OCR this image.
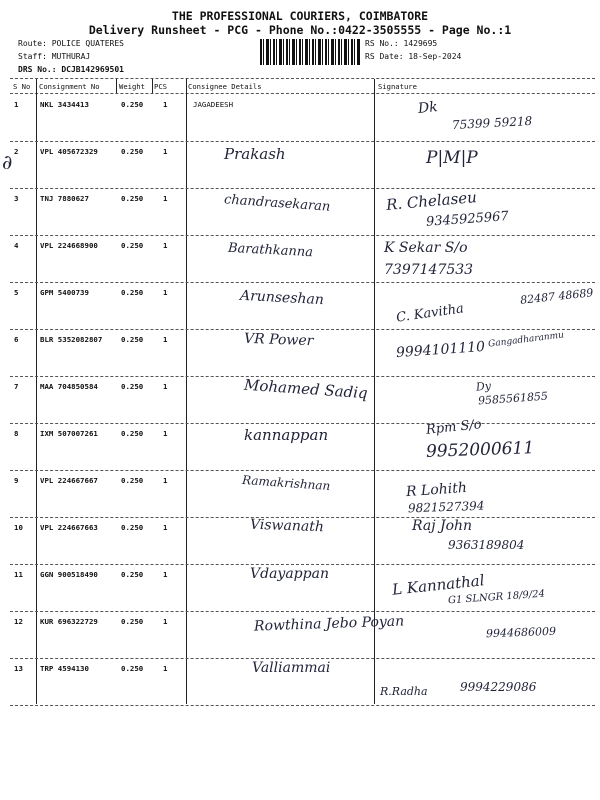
THE PROFESSIONAL COURIERS, COIMBATORE
Delivery Runsheet - PCG - Phone No.:0422-3505555 - Page No.:1
Route: POLICE QUATERES
Staff: MUTHURAJ
DRS No.: DCJB142969501
RS No.: 1429695
RS Date: 18-Sep-2024
S No Consignment No	Weight PCS	Consignee Details	Signature
∂
1	NKL 3434413	0.250	1	JAGADEESH	Dk
75399 59218
2	VPL 405672329	0.250	1	Prakash	P|M|P
3	TNJ 7880627	0.250	1	chandrasekaran	R. Chelaseu
9345925967
4	VPL 224668900	0.250	1	Barathkanna	K Sekar S/o
7397147533
5	GPM 5400739	0.250	1	Arunseshan
C. Kavitha
82487 48689
6	BLR 5352082807	0.250	1	VR Power	9994101110 Gangadharanmu
7	MAA 704850584	0.250	1	Mohamed Sadiq	Dy
9585561855
8	IXM 507007261	0.250	1	kannappan	Rpm S/o
9952000611
9	VPL 224667667	0.250	1	Ramakrishnan	R Lohith
9821527394
10 VPL 224667663	0.250	1	Viswanath	Raj John
9363189804
11 GGN 900518490	0.250	1	Vdayappan	L Kannathal
G1 SLNGR 18/9/24
12 KUR 696322729	0.250	1	Rowthina Jebo Poyan	9944686009
13 TRP 4594130	0.250	1	Valliammai
R.Radha	9994229086
